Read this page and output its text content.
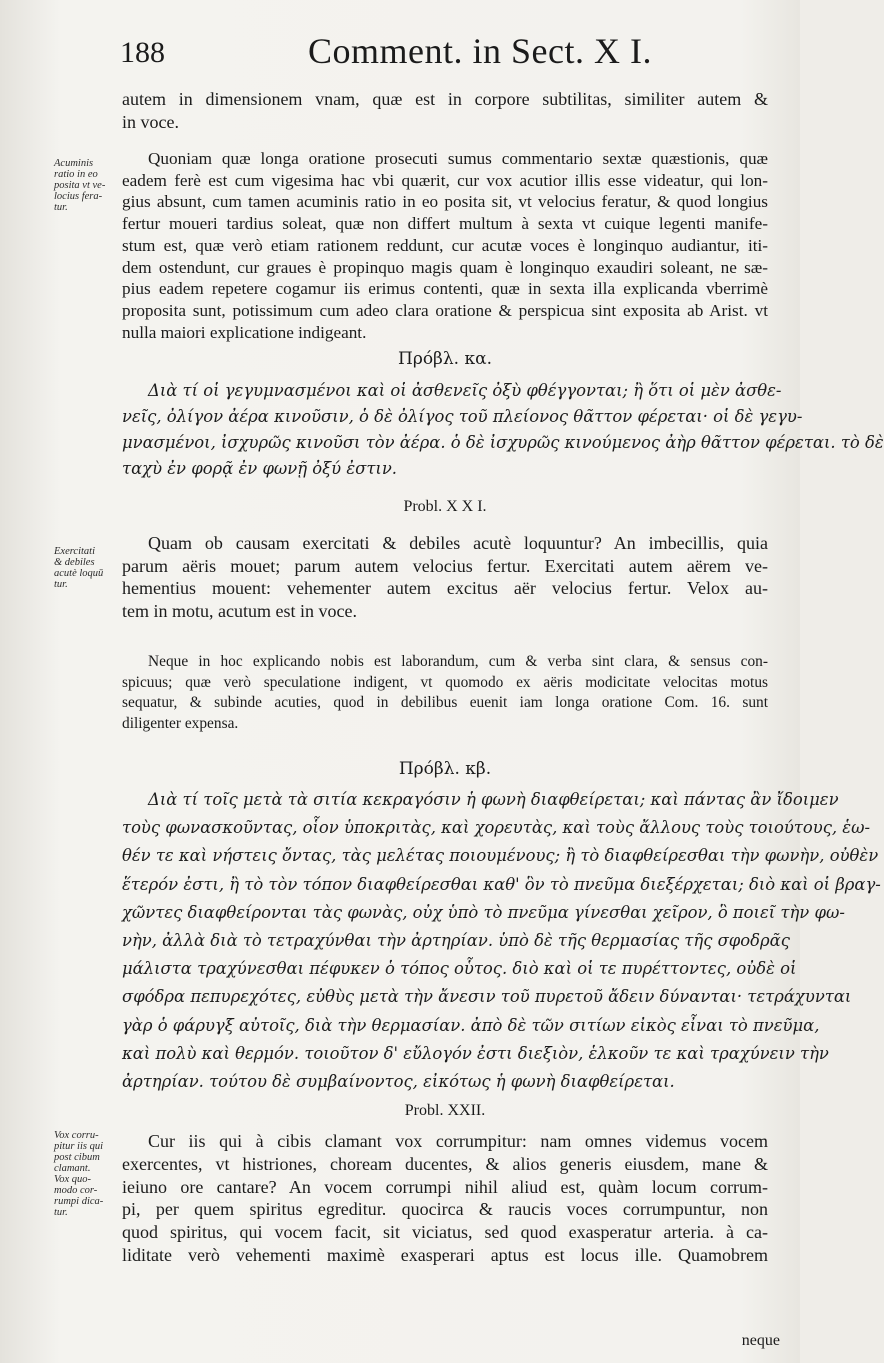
188	Comment. in Sect. X I.
autem in dimensionem vnam, quæ est in corpore subtilitas, similiter autem &
in voce.
Acuminis
ratio in eo
posita vt ve-
locius fera-
tur.
Quoniam quæ longa oratione prosecuti sumus commentario sextæ quæstionis, quæ
eadem ferè est cum vigesima hac vbi quærit, cur vox acutior illis esse videatur, qui lon-
gius absunt, cum tamen acuminis ratio in eo posita sit, vt velocius feratur, & quod longius
fertur moueri tardius soleat, quæ non differt multum à sexta vt cuique legenti manife-
stum est, quæ verò etiam rationem reddunt, cur acutæ voces è longinquo audiantur, iti-
dem ostendunt, cur graues è propinquo magis quam è longinquo exaudiri soleant, ne sæ-
pius eadem repetere cogamur iis erimus contenti, quæ in sexta illa explicanda vberrimè
proposita sunt, potissimum cum adeo clara oratione & perspicua sint exposita ab Arist. vt
nulla maiori explicatione indigeant.
Πρόβλ. κα.
Διὰ τί οἱ γεγυμνασμένοι καὶ οἱ ἀσθενεῖς ὀξὺ φθέγγονται; ἢ ὅτι οἱ μὲν ἀσθε-
νεῖς, ὀλίγον ἀέρα κινοῦσιν, ὁ δὲ ὀλίγος τοῦ πλείονος θᾶττον φέρεται· οἱ δὲ γεγυ-
μνασμένοι, ἰσχυρῶς κινοῦσι τὸν ἀέρα. ὁ δὲ ἰσχυρῶς κινούμενος ἀὴρ θᾶττον φέρεται. τὸ δὲ
ταχὺ ἐν φορᾷ ἐν φωνῇ ὀξύ ἐστιν.
Probl. X X I.
Exercitati
& debiles
acutè loquū
tur.
Quam ob causam exercitati & debiles acutè loquuntur? An imbecillis, quia
parum aëris mouet; parum autem velocius fertur. Exercitati autem aërem ve-
hementius mouent: vehementer autem excitus aër velocius fertur. Velox au-
tem in motu, acutum est in voce.
Neque in hoc explicando nobis est laborandum, cum & verba sint clara, & sensus con-
spicuus; quæ verò speculatione indigent, vt quomodo ex aëris modicitate velocitas motus
sequatur, & subinde acuties, quod in debilibus euenit iam longa oratione Com. 16. sunt
diligenter expensa.
Πρόβλ. κβ.
Διὰ τί τοῖς μετὰ τὰ σιτία κεκραγόσιν ἡ φωνὴ διαφθείρεται; καὶ πάντας ἂν ἴδοιμεν
τοὺς φωνασκοῦντας, οἷον ὑποκριτὰς, καὶ χορευτὰς, καὶ τοὺς ἄλλους τοὺς τοιούτους, ἑω-
θέν τε καὶ νήστεις ὄντας, τὰς μελέτας ποιουμένους; ἢ τὸ διαφθείρεσθαι τὴν φωνὴν, οὐθὲν
ἕτερόν ἐστι, ἢ τὸ τὸν τόπον διαφθείρεσθαι καθ' ὃν τὸ πνεῦμα διεξέρχεται; διὸ καὶ οἱ βραγ-
χῶντες διαφθείρονται τὰς φωνὰς, οὐχ ὑπὸ τὸ πνεῦμα γίνεσθαι χεῖρον, ὃ ποιεῖ τὴν φω-
νὴν, ἀλλὰ διὰ τὸ τετραχύνθαι τὴν ἀρτηρίαν. ὑπὸ δὲ τῆς θερμασίας τῆς σφοδρᾶς
μάλιστα τραχύνεσθαι πέφυκεν ὁ τόπος οὗτος. διὸ καὶ οἱ τε πυρέττοντες, οὐδὲ οἱ
σφόδρα πεπυρεχότες, εὐθὺς μετὰ τὴν ἄνεσιν τοῦ πυρετοῦ ἄδειν δύνανται· τετράχυνται
γὰρ ὁ φάρυγξ αὐτοῖς, διὰ τὴν θερμασίαν. ἀπὸ δὲ τῶν σιτίων εἰκὸς εἶναι τὸ πνεῦμα,
καὶ πολὺ καὶ θερμόν. τοιοῦτον δ' εὔλογόν ἐστι διεξιὸν, ἑλκοῦν τε καὶ τραχύνειν τὴν
ἀρτηρίαν. τούτου δὲ συμβαίνοντος, εἰκότως ἡ φωνὴ διαφθείρεται.
Probl. XXII.
Vox corru-
pitur iis qui
post cibum
clamant.
Vox quo-
modo cor-
rumpi dica-
tur.
Cur iis qui à cibis clamant vox corrumpitur: nam omnes videmus vocem
exercentes, vt histriones, choream ducentes, & alios generis eiusdem, mane &
ieiuno ore cantare? An vocem corrumpi nihil aliud est, quàm locum corrum-
pi, per quem spiritus egreditur. quocirca & raucis voces corrumpuntur, non
quod spiritus, qui vocem facit, sit viciatus, sed quod exasperatur arteria. à ca-
liditate verò vehementi maximè exasperari aptus est locus ille. Quamobrem
neque
